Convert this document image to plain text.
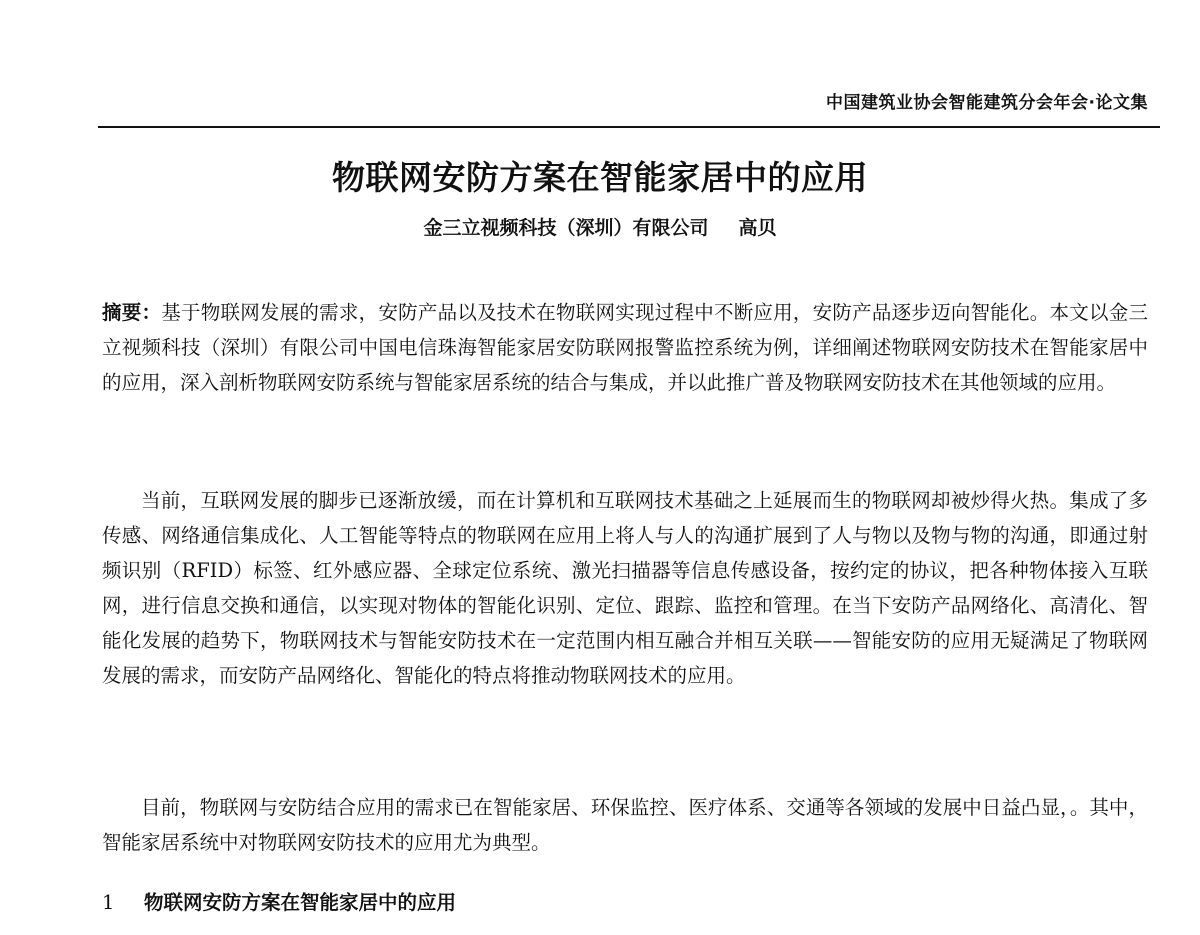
中国建筑业协会智能建筑分会年会·论文集
物联网安防方案在智能家居中的应用
金三立视频科技（深圳）有限公司 高贝

摘要：基于物联网发展的需求，安防产品以及技术在物联网实现过程中不断应用，安防产品逐步迈向智能化。本文以金三立视频科技（深圳）有限公司中国电信珠海智能家居安防联网报警监控系统为例，详细阐述物联网安防技术在智能家居中的应用，深入剖析物联网安防系统与智能家居系统的结合与集成，并以此推广普及物联网安防技术在其他领域的应用。

当前，互联网发展的脚步已逐渐放缓，而在计算机和互联网技术基础之上延展而生的物联网却被炒得火热。集成了多传感、网络通信集成化、人工智能等特点的物联网在应用上将人与人的沟通扩展到了人与物以及物与物的沟通，即通过射频识别（RFID）标签、红外感应器、全球定位系统、激光扫描器等信息传感设备，按约定的协议，把各种物体接入互联网，进行信息交换和通信，以实现对物体的智能化识别、定位、跟踪、监控和管理。在当下安防产品网络化、高清化、智能化发展的趋势下，物联网技术与智能安防技术在一定范围内相互融合并相互关联——智能安防的应用无疑满足了物联网发展的需求，而安防产品网络化、智能化的特点将推动物联网技术的应用。

目前，物联网与安防结合应用的需求已在智能家居、环保监控、医疗体系、交通等各领域的发展中日益凸显，。其中，智能家居系统中对物联网安防技术的应用尤为典型。

1 物联网安防方案在智能家居中的应用
